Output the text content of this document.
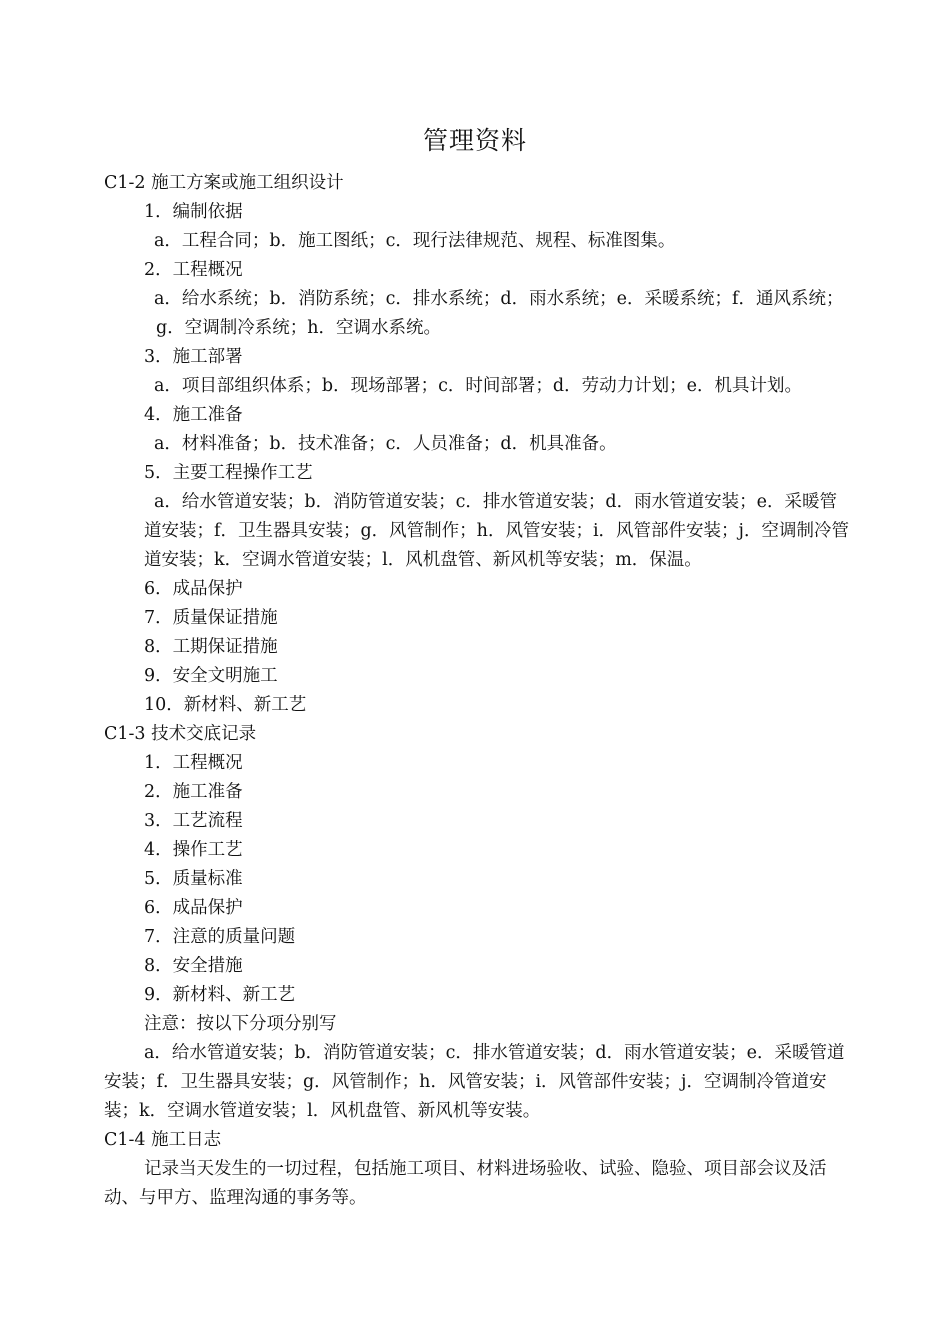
管理资料
C1-2 施工方案或施工组织设计
1．编制依据
a．工程合同；b．施工图纸；c．现行法律规范、规程、标准图集。
2．工程概况
a．给水系统；b．消防系统；c．排水系统；d．雨水系统；e．采暖系统；f．通风系统；g．空调制冷系统；h．空调水系统。
3．施工部署
a．项目部组织体系；b．现场部署；c．时间部署；d．劳动力计划；e．机具计划。
4．施工准备
a．材料准备；b．技术准备；c．人员准备；d．机具准备。
5．主要工程操作工艺
a．给水管道安装；b．消防管道安装；c．排水管道安装；d．雨水管道安装；e．采暖管道安装；f．卫生器具安装；g．风管制作；h．风管安装；i．风管部件安装；j．空调制冷管道安装；k．空调水管道安装；l．风机盘管、新风机等安装；m．保温。
6．成品保护
7．质量保证措施
8．工期保证措施
9．安全文明施工
10．新材料、新工艺
C1-3 技术交底记录
1．工程概况
2．施工准备
3．工艺流程
4．操作工艺
5．质量标准
6．成品保护
7．注意的质量问题
8．安全措施
9．新材料、新工艺
注意：按以下分项分别写
a．给水管道安装；b．消防管道安装；c．排水管道安装；d．雨水管道安装；e．采暖管道安装；f．卫生器具安装；g．风管制作；h．风管安装；i．风管部件安装；j．空调制冷管道安装；k．空调水管道安装；l．风机盘管、新风机等安装。
C1-4 施工日志
记录当天发生的一切过程，包括施工项目、材料进场验收、试验、隐验、项目部会议及活动、与甲方、监理沟通的事务等。
